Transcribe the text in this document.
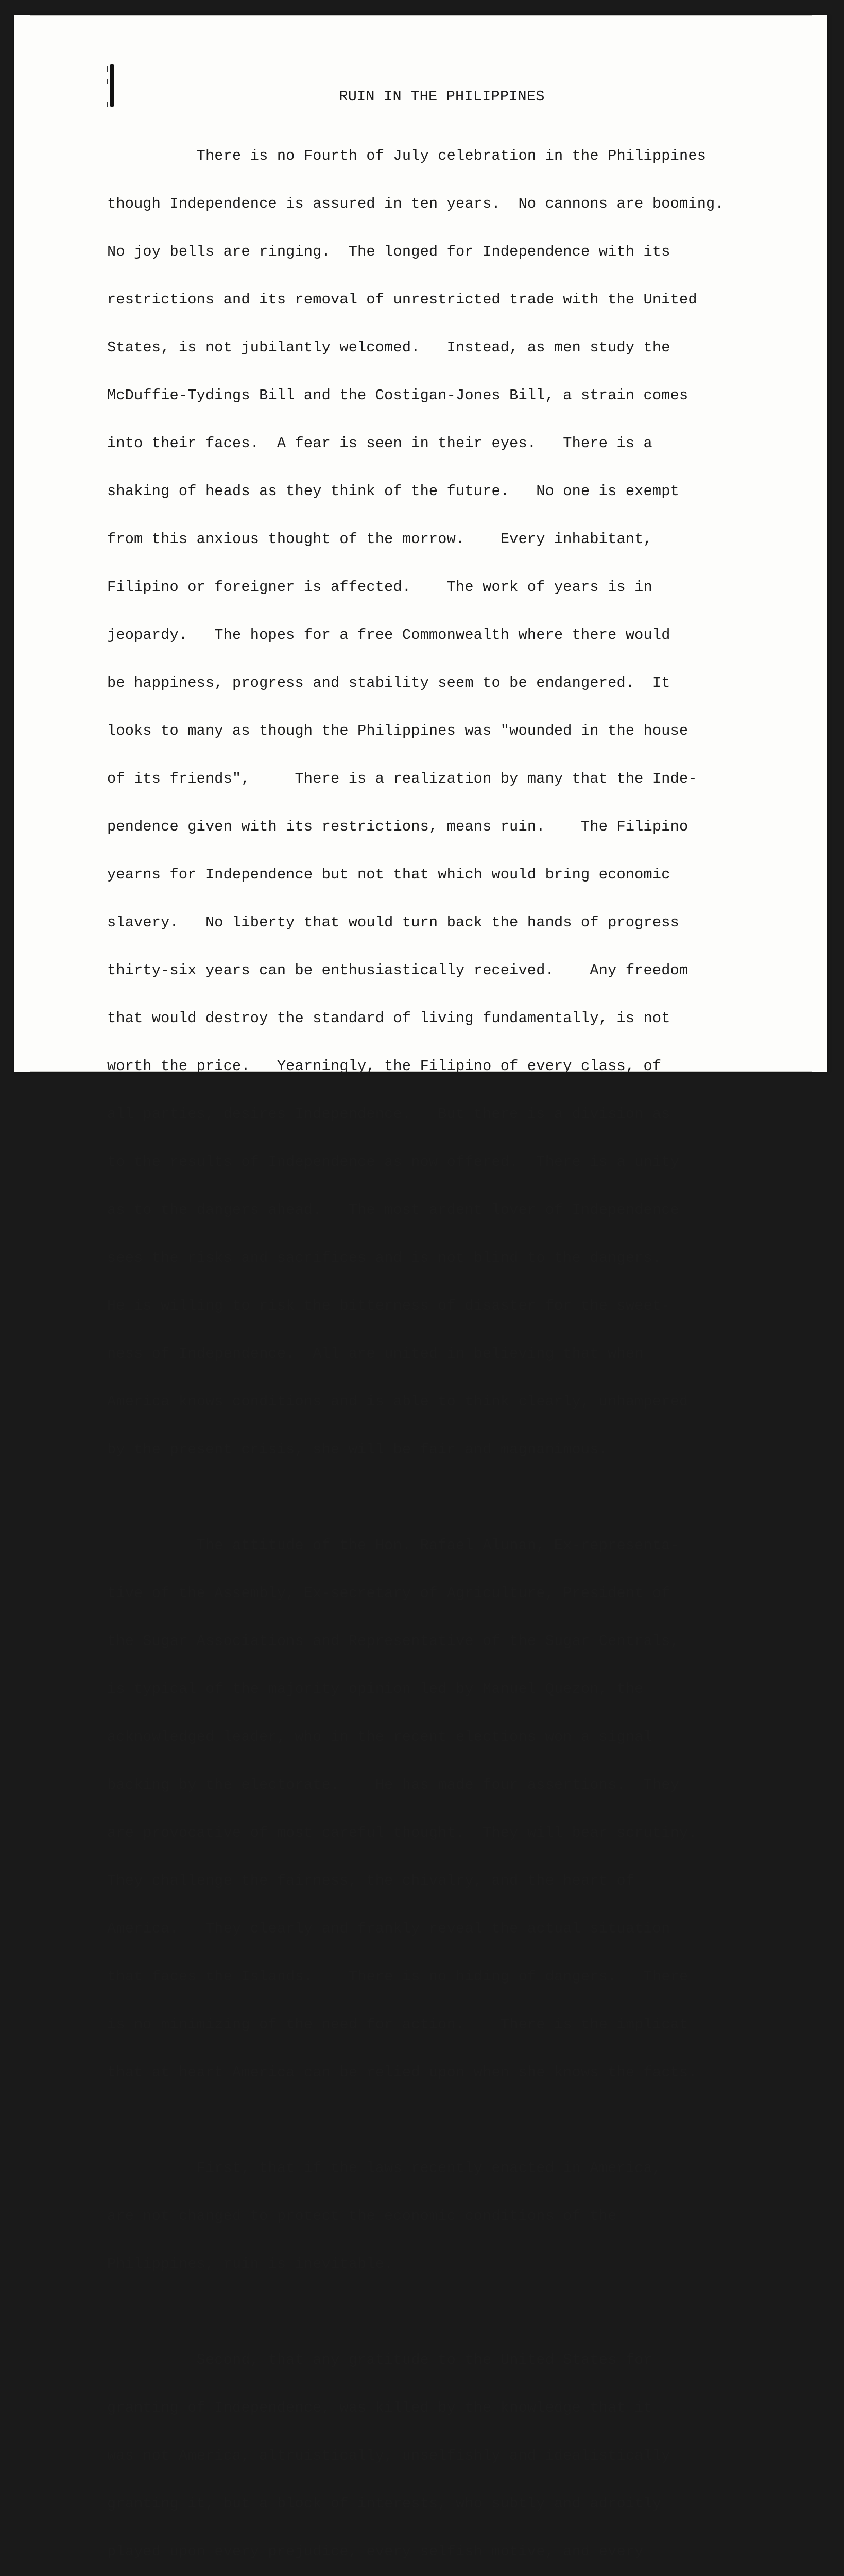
RUIN IN THE PHILIPPINES

There is no Fourth of July celebration in the Philippines

though Independence is assured in ten years.  No cannons are booming.

No joy bells are ringing.  The longed for Independence with its

restrictions and its removal of unrestricted trade with the United

States, is not jubilantly welcomed.   Instead, as men study the

McDuffie-Tydings Bill and the Costigan-Jones Bill, a strain comes

into their faces.  A fear is seen in their eyes.   There is a

shaking of heads as they think of the future.   No one is exempt

from this anxious thought of the morrow.    Every inhabitant,

Filipino or foreigner is affected.    The work of years is in

jeopardy.   The hopes for a free Commonwealth where there would

be happiness, progress and stability seem to be endangered.  It

looks to many as though the Philippines was "wounded in the house

of its friends",     There is a realization by many that the Inde-

pendence given with its restrictions, means ruin.    The Filipino

yearns for Independence but not that which would bring economic

slavery.   No liberty that would turn back the hands of progress

thirty-six years can be enthusiastically received.    Any freedom

that would destroy the standard of living fundamentally, is not

worth the price.   Yearningly, the Filipino of every class, of

all parties, desires Independence.   But there is a division as

to the results of Independence as now offered.  There is a unity

as to the dangers ahead.   The most ardent lover of Independence

sees the risks and sacrifices and is not blind to the dangers.

He is willing to risk the bitterness of disaster for the sweet-

ness of Independence.  All are united in believing that when

America knows conditions and is able to think clearly, unhampered

by the present crisis, she will be fair and magnanimous.

The attitude of the Hon. Rafael Alunan, Ex-representa-

tive of the Assembly, Ex-secretary of Agriculture, President of

the Sugar Associations and Representative of the Sugar Centrals,

is typical of the majority opinion led by Manuel Quezon, the

acknowledged leader, who in the recent elections won a signal

backing by the electorate.    He has made four assertions.  They

are provocative of most careful thought.  They will bear scrutiny.

They challenge the fairness, the chivalry, and the heart of

America.   They clearly and frankly reveal the actual situation

that faces the Islands.    There is no hiding of dangers.   There

is no minimizing of the need for action.    There is the implicat

that at heart America can be relied upon when she knows the facts.

First, that if the laws recently enacted in America,

are not changed to protect the economic conditions of the

Philippines, ruin is inevitable.

Second, that any gratitude to the United States for

granting of Independence, was killed by the knowledge that it

was not America, altruistically, unselfishly and idealistically

granting it, but a block of interests, who subtly and adroitly

played upon every prejudice, every selfish motive, and every
